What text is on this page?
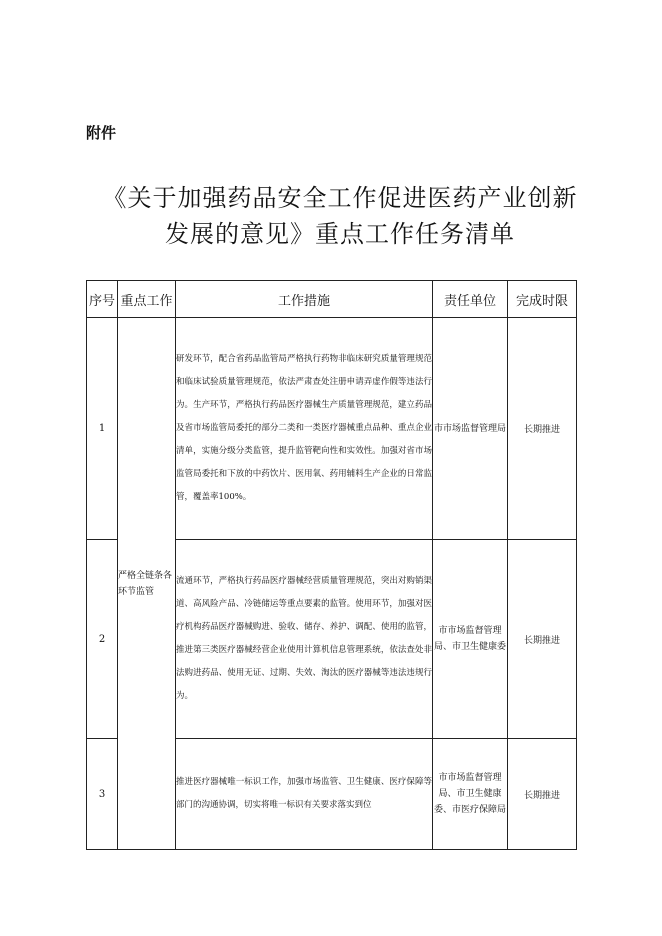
附件
《关于加强药品安全工作促进医药产业创新
发展的意见》重点工作任务清单
序号	重点工作	工作措施	责任单位	完成时限
1	严格全链条各环节监管	研发环节，配合省药品监管局严格执行药物非临床研究质量管理规范和临床试验质量管理规范，依法严肃查处注册申请弄虚作假等违法行为。生产环节，严格执行药品医疗器械生产质量管理规范，建立药品及省市场监管局委托的部分二类和一类医疗器械重点品种、重点企业清单，实施分级分类监管，提升监管靶向性和实效性。加强对省市场监管局委托和下放的中药饮片、医用氧、药用辅料生产企业的日常监管，覆盖率100%。	市市场监督管理局	长期推进
2		流通环节，严格执行药品医疗器械经营质量管理规范，突出对购销渠道、高风险产品、冷链储运等重点要素的监管。使用环节，加强对医疗机构药品医疗器械购进、验收、储存、养护、调配、使用的监管，推进第三类医疗器械经营企业使用计算机信息管理系统，依法查处非法购进药品、使用无证、过期、失效、淘汰的医疗器械等违法违规行为。	市市场监督管理局、市卫生健康委	长期推进
3		推进医疗器械唯一标识工作，加强市场监管、卫生健康、医疗保障等部门的沟通协调，切实将唯一标识有关要求落实到位	市市场监督管理局、市卫生健康委、市医疗保障局	长期推进
